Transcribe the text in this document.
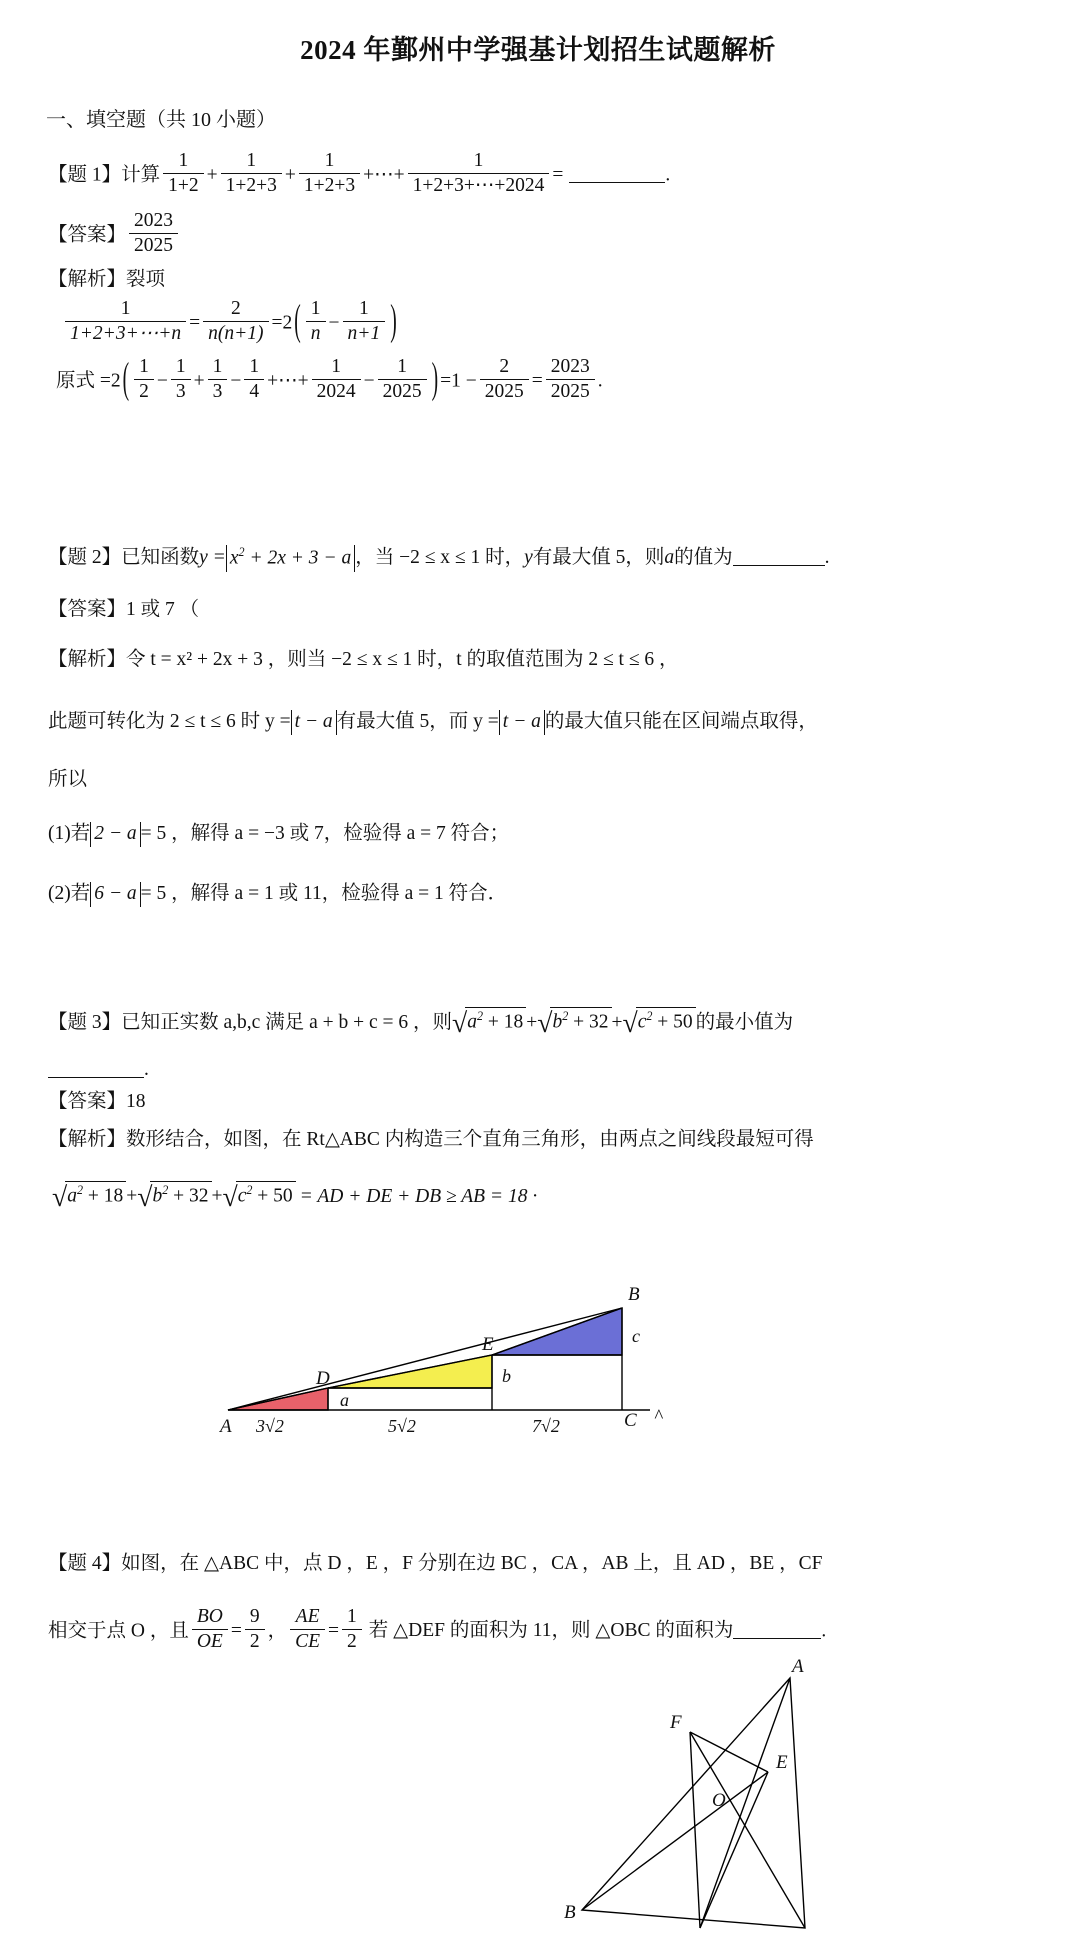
2024 年鄞州中学强基计划招生试题解析
一、填空题（共 10 小题）
【题 1】计算 $\frac{1}{1+2} + \frac{1}{1+2+3} + \frac{1}{1+2+3}$ +⋯+ $\frac{1}{1+2+3+\cdots+2024}$ =	.
【答案】 $\frac{2023}{2025}$
【解析】裂项
$\frac{1}{1+2+3+\cdots+n} = \frac{2}{n(n+1)} =2$ ( $\frac{1}{n} - \frac{1}{n+1}$ )
原式 =2 ( $\frac{1}{2} - \frac{1}{3} + \frac{1}{3} - \frac{1}{4}$ +⋯+ $\frac{1}{2024} - \frac{1}{2025}$ ) $=1 - \frac{2}{2025} = \frac{2023}{2025}$ .
【题 2】已知函数$y = x^2 + 2x + 3 - a$ ，当 −2 ≤ x ≤ 1 时，y有最大值 5，则a的值为	.
【答案】1 或 7 （
【解析】令 t = x² + 2x + 3 ，则当 −2 ≤ x ≤ 1 时，t 的取值范围为 2 ≤ t ≤ 6 ，
此题可转化为 2 ≤ t ≤ 6 时 y = t − a 有最大值 5，而 y = t − a 的最大值只能在区间端点取得，
所以
(1)若 2 − a = 5 ，解得 a = −3 或 7，检验得 a = 7 符合；
(2)若 6 − a = 5 ，解得 a = 1 或 11，检验得 a = 1 符合．
【题 3】已知正实数 a,b,c 满足 a + b + c = 6 ，则$√a^2 + 18 +√b^2 + 32 +√c^2 + 50$ 的最小值为
.
【答案】18
【解析】数形结合，如图，在 Rt△ABC 内构造三个直角三角形，由两点之间线段最短可得
$√a^2 + 18 +√b^2 + 32 +√c^2 + 50$ = AD + DE + DB ≥ AB = 18 ·
A
D
E
B
C ^
3√2	5√2	7√2
a
b
c
【题 4】如图，在 △ABC 中，点 D ，E ，F 分别在边 BC ，CA ，AB 上，且 AD ，BE ，CF
相交于点 O ，且 $\frac{BO}{OE} = \frac{9}{2}$ ， $\frac{AE}{CE} = \frac{1}{2}$ 若 △DEF 的面积为 11，则 △OBC 的面积为	.
A
B
E
F
O
